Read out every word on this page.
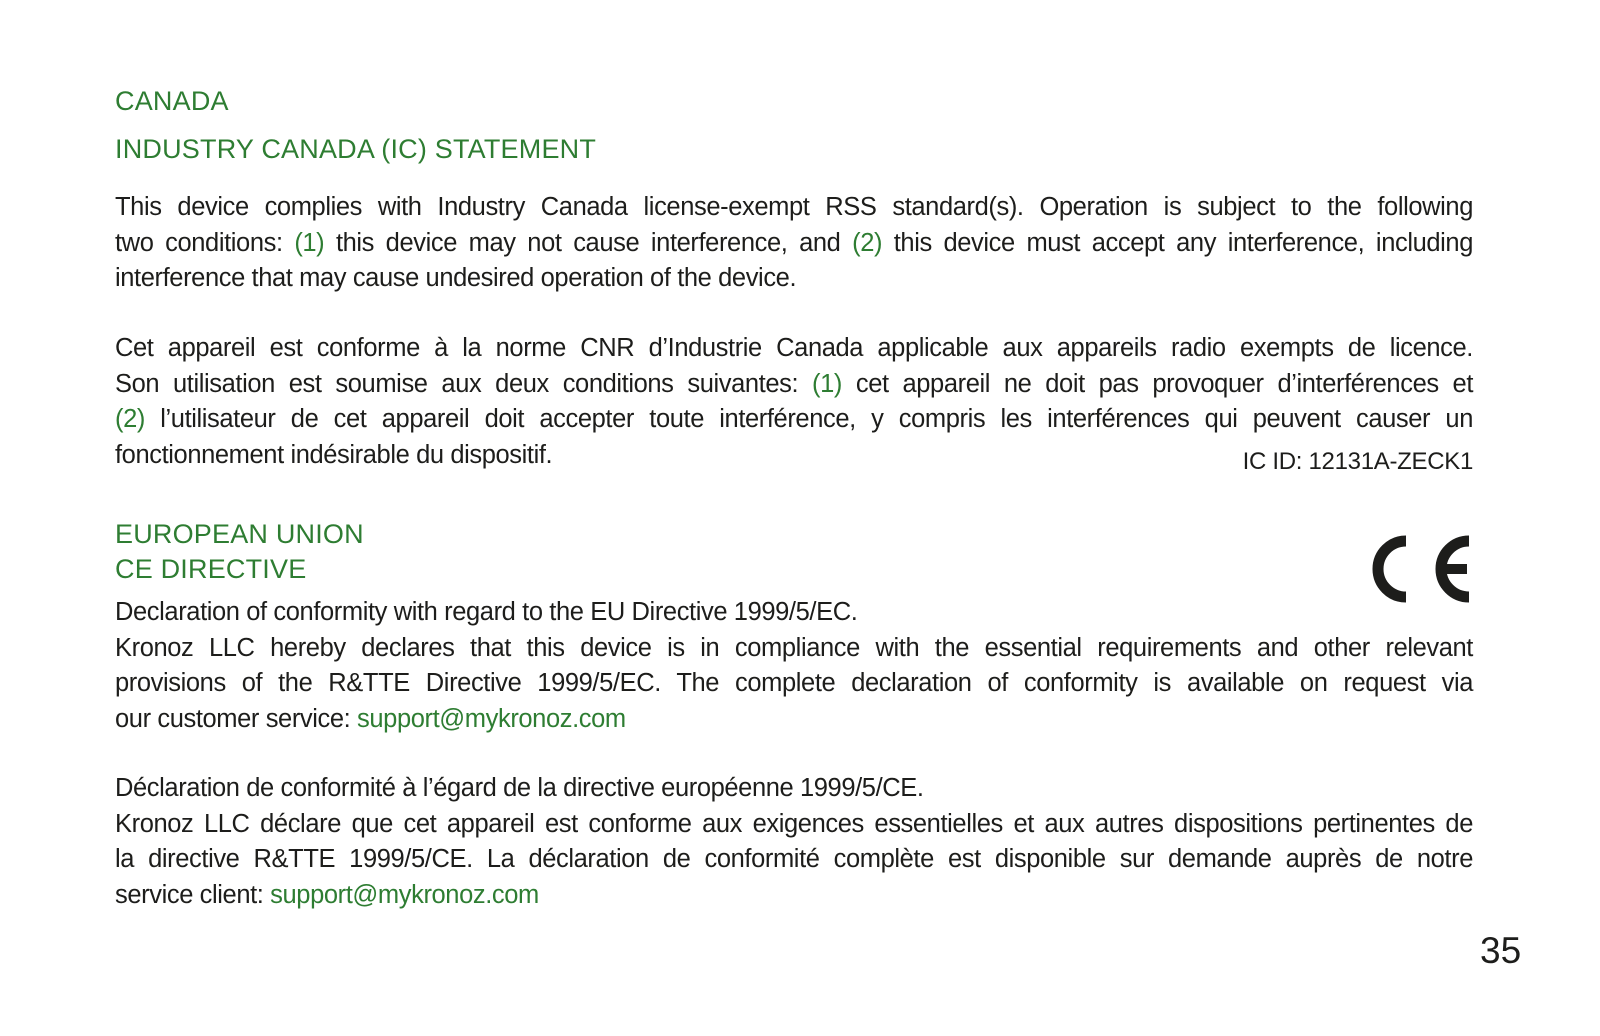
CANADA
INDUSTRY CANADA (IC) STATEMENT

This device complies with Industry Canada license-exempt RSS standard(s). Operation is subject to the following
two conditions: (1) this device may not cause interference, and (2) this device must accept any interference, including
interference that may cause undesired operation of the device.

Cet appareil est conforme à la norme CNR d’Industrie Canada applicable aux appareils radio exempts de licence.
Son utilisation est soumise aux deux conditions suivantes: (1) cet appareil ne doit pas provoquer d’interférences et
(2) l’utilisateur de cet appareil doit accepter toute interférence, y compris les interférences qui peuvent causer un
fonctionnement indésirable du dispositif.	IC ID: 12131A-ZECK1
EUROPEAN UNION
CE DIRECTIVE

Declaration of conformity with regard to the EU Directive 1999/5/EC.
Kronoz LLC hereby declares that this device is in compliance with the essential requirements and other relevant
provisions of the R&TTE Directive 1999/5/EC. The complete declaration of conformity is available on request via
our customer service: support@mykronoz.com

Déclaration de conformité à l’égard de la directive européenne 1999/5/CE.
Kronoz LLC déclare que cet appareil est conforme aux exigences essentielles et aux autres dispositions pertinentes de
la directive R&TTE 1999/5/CE. La déclaration de conformité complète est disponible sur demande auprès de notre
service client: support@mykronoz.com

35
